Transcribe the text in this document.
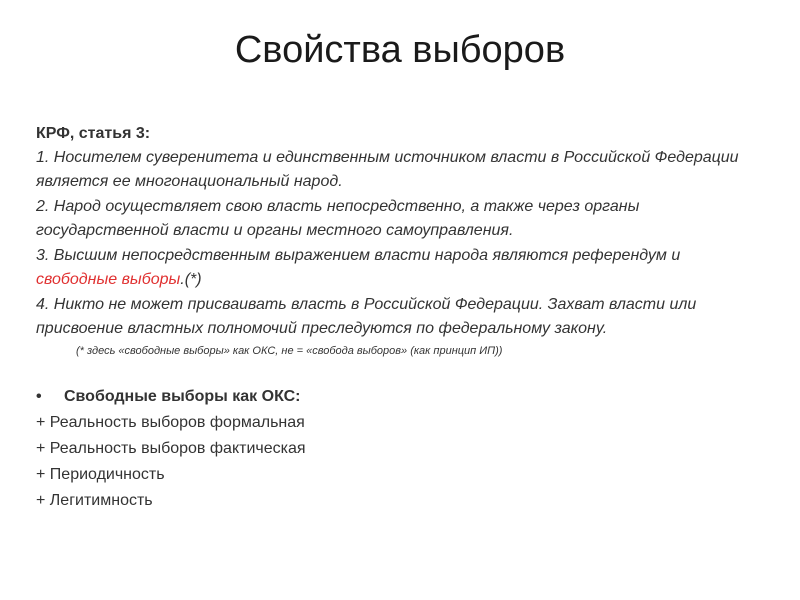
Свойства выборов
КРФ, статья 3:
1. Носителем суверенитета и единственным источником власти в Российской Федерации является ее многонациональный народ.
2. Народ осуществляет свою власть непосредственно, а также через органы государственной власти и органы местного самоуправления.
3. Высшим непосредственным выражением власти народа являются референдум и свободные выборы.(*)
4. Никто не может присваивать власть в Российской Федерации. Захват власти или присвоение властных полномочий преследуются по федеральному закону.
(* здесь «свободные выборы» как ОКС, не = «свобода выборов» (как принцип ИП))
• Свободные выборы как ОКС:
+ Реальность выборов формальная
+ Реальность выборов фактическая
+ Периодичность
+ Легитимность
